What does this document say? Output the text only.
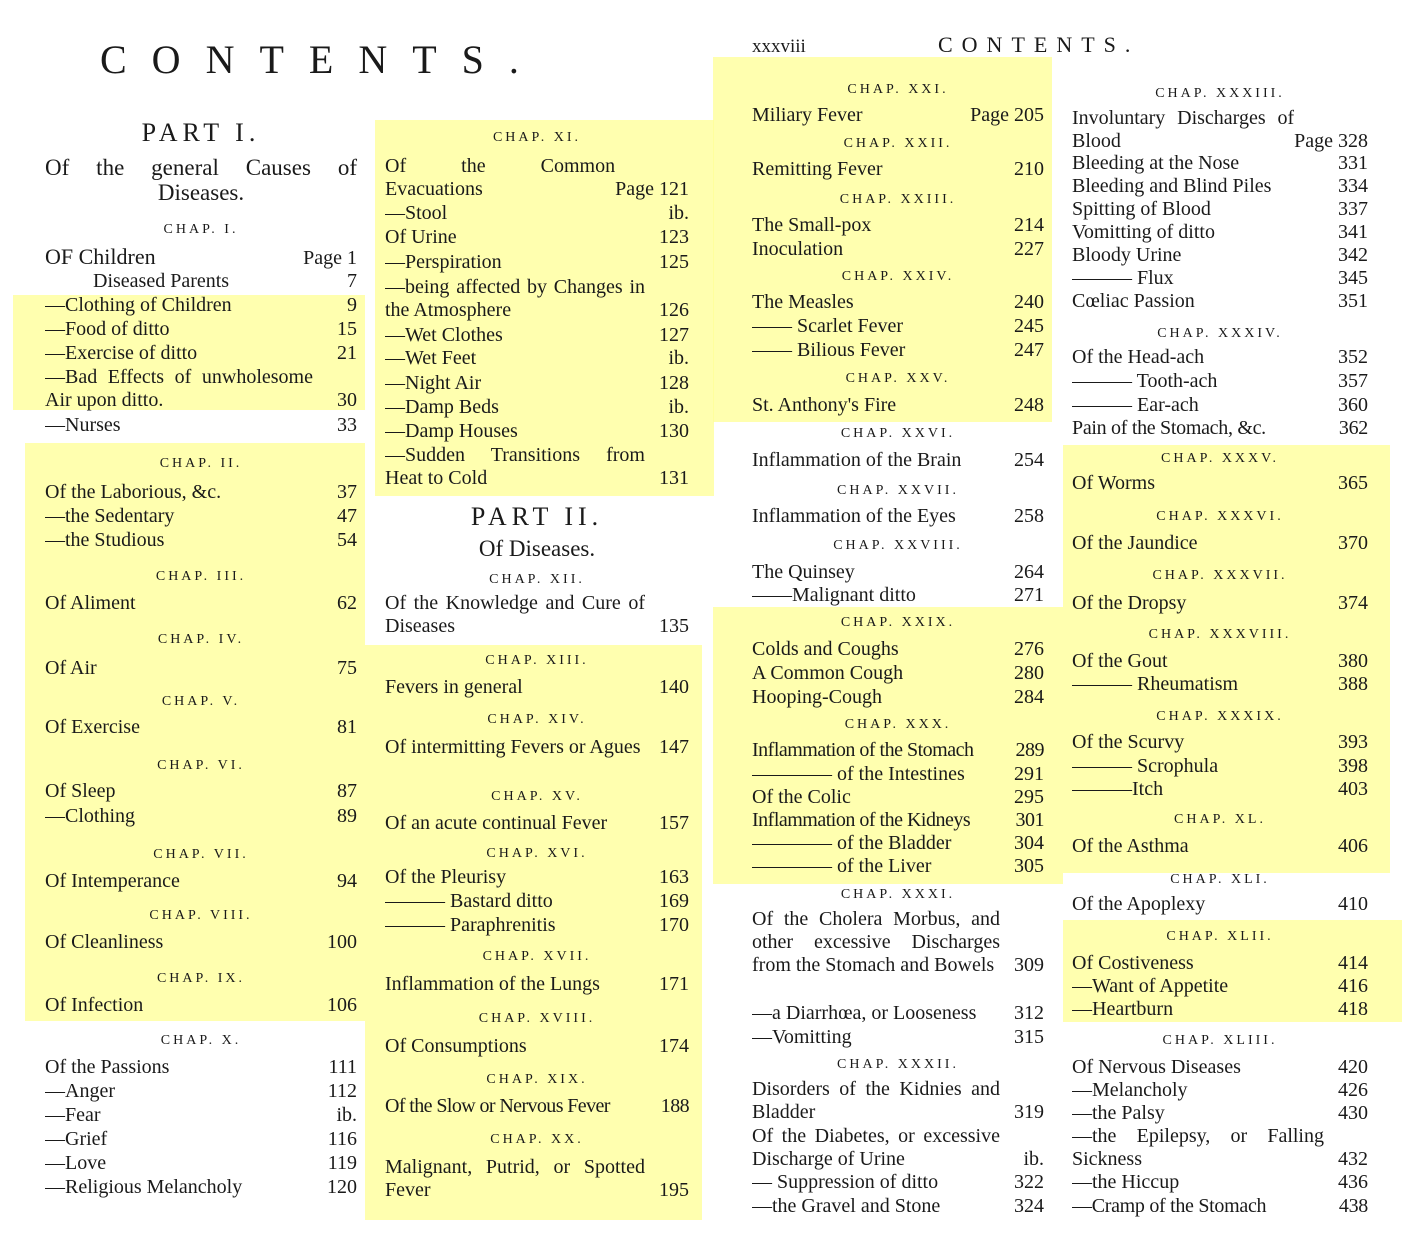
CONTENTS.	xxxviii	CONTENTS.
PART I.
Of the general Causes of Diseases.
CHAP. I.
OF Children	Page 1
Diseased Parents	7
—Clothing of Children	9
—Food of ditto	15
—Exercise of ditto	21
—Bad Effects of unwholesome Air upon ditto.	30
—Nurses	33
CHAP. II.
Of the Laborious, &c.	37
—the Sedentary	47
—the Studious	54
CHAP. III.
Of Aliment	62
CHAP. IV.
Of Air	75
CHAP. V.
Of Exercise	81
CHAP. VI.
Of Sleep	87
—Clothing	89
CHAP. VII.
Of Intemperance	94
CHAP. VIII.
Of Cleanliness	100
CHAP. IX.
Of Infection	106
CHAP. X.
Of the Passions	111
—Anger	112
—Fear	ib.
—Grief	116
—Love	119
—Religious Melancholy	120
CHAP. XI.
Of the Common Evacuations	Page 121
—Stool	ib.
Of Urine	123
—Perspiration	125
—being affected by Changes in the Atmosphere	126
—Wet Clothes	127
—Wet Feet	ib.
—Night Air	128
—Damp Beds	ib.
—Damp Houses	130
—Sudden Transitions from Heat to Cold	131
PART II.
Of Diseases.
CHAP. XII.
Of the Knowledge and Cure of Diseases	135
CHAP. XIII.
Fevers in general	140
CHAP. XIV.
Of intermitting Fevers or Agues 147
CHAP. XV.
Of an acute continual Fever	157
CHAP. XVI.
Of the Pleurisy	163
——— Bastard ditto	169
——— Paraphrenitis	170
CHAP. XVII.
Inflammation of the Lungs	171
CHAP. XVIII.
Of Consumptions	174
CHAP. XIX.
Of the Slow or Nervous Fever	188
CHAP. XX.
Malignant, Putrid, or Spotted Fever	195
CHAP. XXI.
Miliary Fever	Page 205
CHAP. XXII.
Remitting Fever	210
CHAP. XXIII.
The Small-pox	214
Inoculation	227
CHAP. XXIV.
The Measles	240
—— Scarlet Fever	245
—— Bilious Fever	247
CHAP. XXV.
St. Anthony's Fire	248
CHAP. XXVI.
Inflammation of the Brain	254
CHAP. XXVII.
Inflammation of the Eyes	258
CHAP. XXVIII.
The Quinsey	264
——Malignant ditto	271
CHAP. XXIX.
Colds and Coughs	276
A Common Cough	280
Hooping-Cough	284
CHAP. XXX.
Inflammation of the Stomach	289
———— of the Intestines	291
Of the Colic	295
Inflammation of the Kidneys	301
———— of the Bladder	304
———— of the Liver	305
CHAP. XXXI.
Of the Cholera Morbus, and other excessive Discharges from the Stomach and Bowels 309
—a Diarrhœa, or Looseness	312
—Vomitting	315
CHAP. XXXII.
Disorders of the Kidnies and Bladder	319
Of the Diabetes, or excessive Discharge of Urine	ib.
— Suppression of ditto	322
—the Gravel and Stone	324
CHAP. XXXIII.
Involuntary Discharges of Blood	Page 328
Bleeding at the Nose	331
Bleeding and Blind Piles	334
Spitting of Blood	337
Vomitting of ditto	341
Bloody Urine	342
——— Flux	345
Cœliac Passion	351
CHAP. XXXIV.
Of the Head-ach	352
——— Tooth-ach	357
——— Ear-ach	360
Pain of the Stomach, &c.	362
CHAP. XXXV.
Of Worms	365
CHAP. XXXVI.
Of the Jaundice	370
CHAP. XXXVII.
Of the Dropsy	374
CHAP. XXXVIII.
Of the Gout	380
——— Rheumatism	388
CHAP. XXXIX.
Of the Scurvy	393
——— Scrophula	398
———Itch	403
CHAP. XL.
Of the Asthma	406
CHAP. XLI.
Of the Apoplexy	410
CHAP. XLII.
Of Costiveness	414
—Want of Appetite	416
—Heartburn	418
CHAP. XLIII.
Of Nervous Diseases	420
—Melancholy	426
—the Palsy	430
—the Epilepsy, or Falling Sickness	432
—the Hiccup	436
—Cramp of the Stomach	438
